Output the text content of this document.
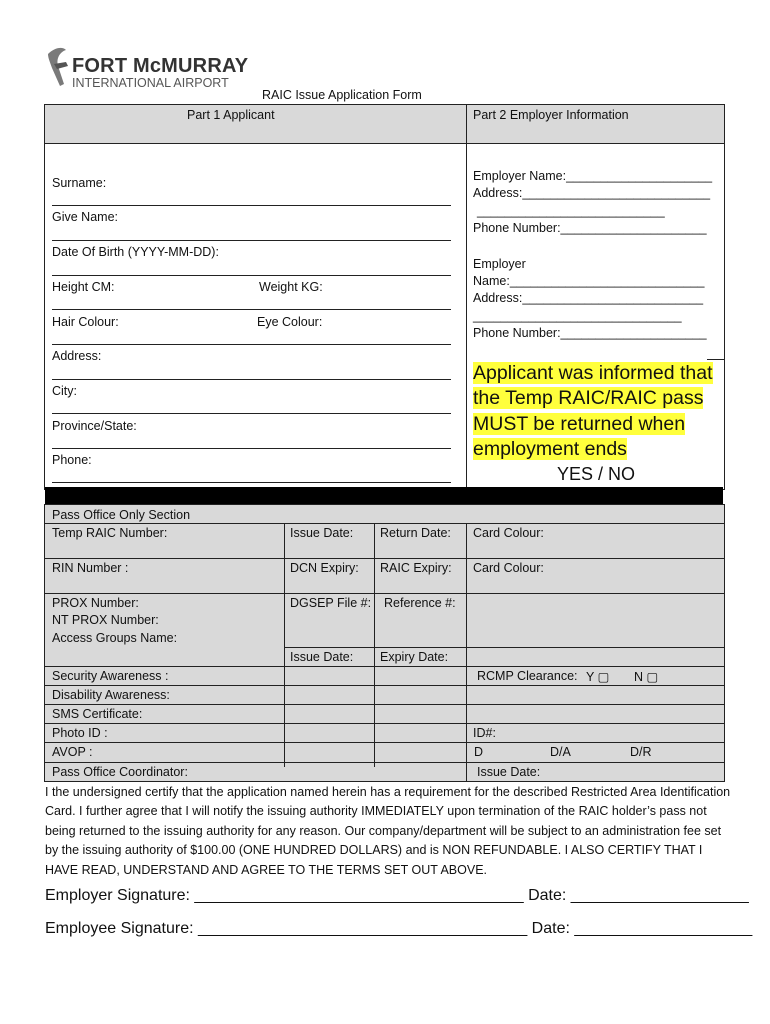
FORT McMURRAY
INTERNATIONAL AIRPORT
RAIC Issue Application Form
Part 1 Applicant	Part 2 Employer Information
Surname:
Give Name:
Date Of Birth (YYYY-MM-DD):
Height CM:	Weight KG:
Hair Colour:	Eye Colour:
Address:
City:
Province/State:
Phone:
Employer Name:_____________________
Address:___________________________
___________________________
Phone Number:_____________________
Employer
Name:____________________________
Address:__________________________
______________________________
Phone Number:_____________________
Applicant was informed that the Temp RAIC/RAIC pass MUST be returned when employment ends
YES / NO
Pass Office Only Section
Temp RAIC Number:	Issue Date: Return Date: Card Colour:
RIN Number :	DCN Expiry: RAIC Expiry: Card Colour:
PROX Number:
NT PROX Number:
Access Groups Name:
DGSEP File #: Reference #:
Issue Date: Expiry Date:
Security Awareness :	RCMP Clearance: Y ▢ N ▢
Disability Awareness:
SMS Certificate:
Photo ID :	ID#:
AVOP :	D	D/A	D/R
Pass Office Coordinator:	Issue Date:
I the undersigned certify that the application named herein has a requirement for the described Restricted Area Identification Card. I further agree that I will notify the issuing authority IMMEDIATELY upon termination of the RAIC holder’s pass not being returned to the issuing authority for any reason. Our company/department will be subject to an administration fee set by the issuing authority of $100.00 (ONE HUNDRED DOLLARS) and is NON REFUNDABLE. I ALSO CERTIFY THAT I HAVE READ, UNDERSTAND AND AGREE TO THE TERMS SET OUT ABOVE.
Employer Signature: _____________________________________ Date: ____________________
Employee Signature: _____________________________________ Date: ____________________
